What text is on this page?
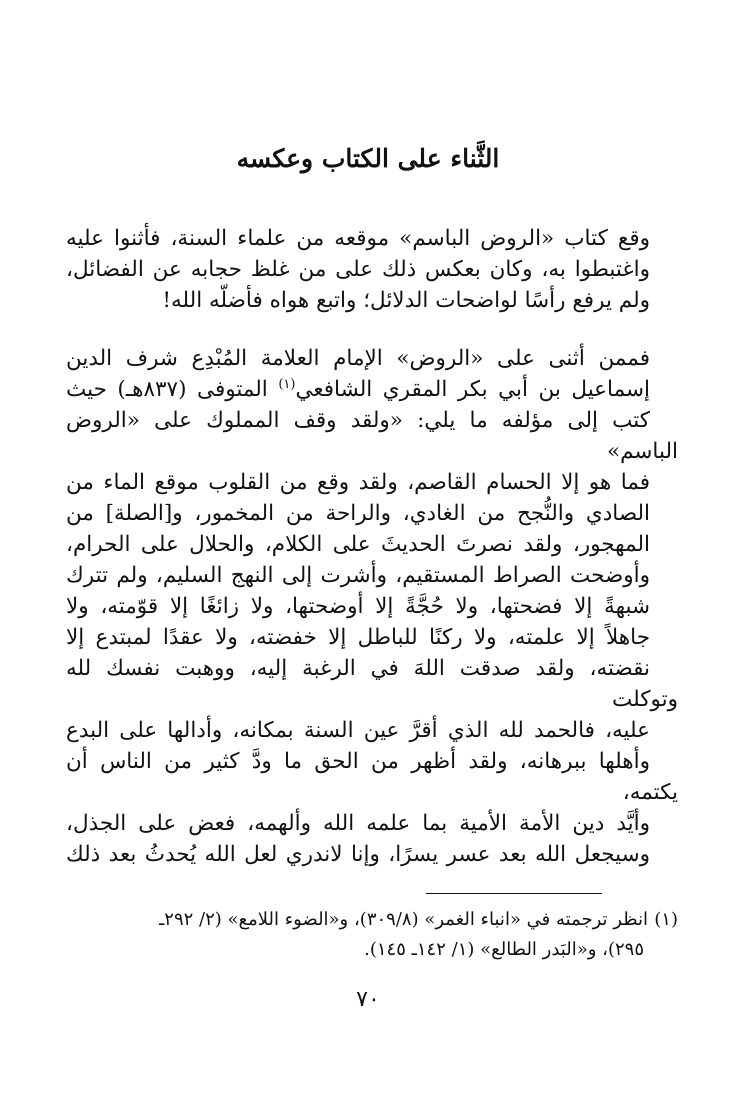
الثَّناء على الكتاب وعكسه

وقع كتاب «الروض الباسم» موقعه من علماء السنة، فأثنوا عليه
واغتبطوا به، وكان بعكس ذلك على من غلظ حجابه عن الفضائل،
ولم يرفع رأسًا لواضحات الدلائل؛ واتبع هواه فأضلّه الله!

فممن أثنى على «الروض» الإمام العلامة المُبْدِع شرف الدين
إسماعيل بن أبي بكر المقري الشافعي$^{(١)}$ المتوفى (٨٣٧هـ) حيث
كتب إلى مؤلفه ما يلي: «ولقد وقف المملوك على «الروض الباسم»
فما هو إلا الحسام القاصم، ولقد وقع من القلوب موقع الماء من
الصادي والنُّجح من الغادي، والراحة من المخمور، و[الصلة] من
المهجور، ولقد نصرتَ الحديثَ على الكلام، والحلال على الحرام،
وأوضحت الصراط المستقيم، وأشرت إلى النهج السليم، ولم تترك
شبهةً إلا فضحتها، ولا حُجَّةً إلا أوضحتها، ولا زائغًا إلا قوّمته، ولا
جاهلاً إلا علمته، ولا ركنًا للباطل إلا خفضته، ولا عقدًا لمبتدع إلا
نقضته، ولقد صدقت اللهَ في الرغبة إليه، ووهبت نفسك لله وتوكلت
عليه، فالحمد لله الذي أقرَّ عين السنة بمكانه، وأدالها على البدع
وأهلها ببرهانه، ولقد أظهر من الحق ما ودَّ كثير من الناس أن يكتمه،
وأيَّد دين الأمة الأمية بما علمه الله وألهمه، فعض على الجذل،
وسيجعل الله بعد عسر يسرًا، وإنا لاندري لعل الله يُحدثُ بعد ذلك

(١)انظر ترجمته في «انباء الغمر» (٣٠٩/٨)، و«الضوء اللامع» (٢/ ٢٩٢ـ
٢٩٥)، و«البَدر الطالع» (١/ ١٤٢ـ ١٤٥).
٧٠
